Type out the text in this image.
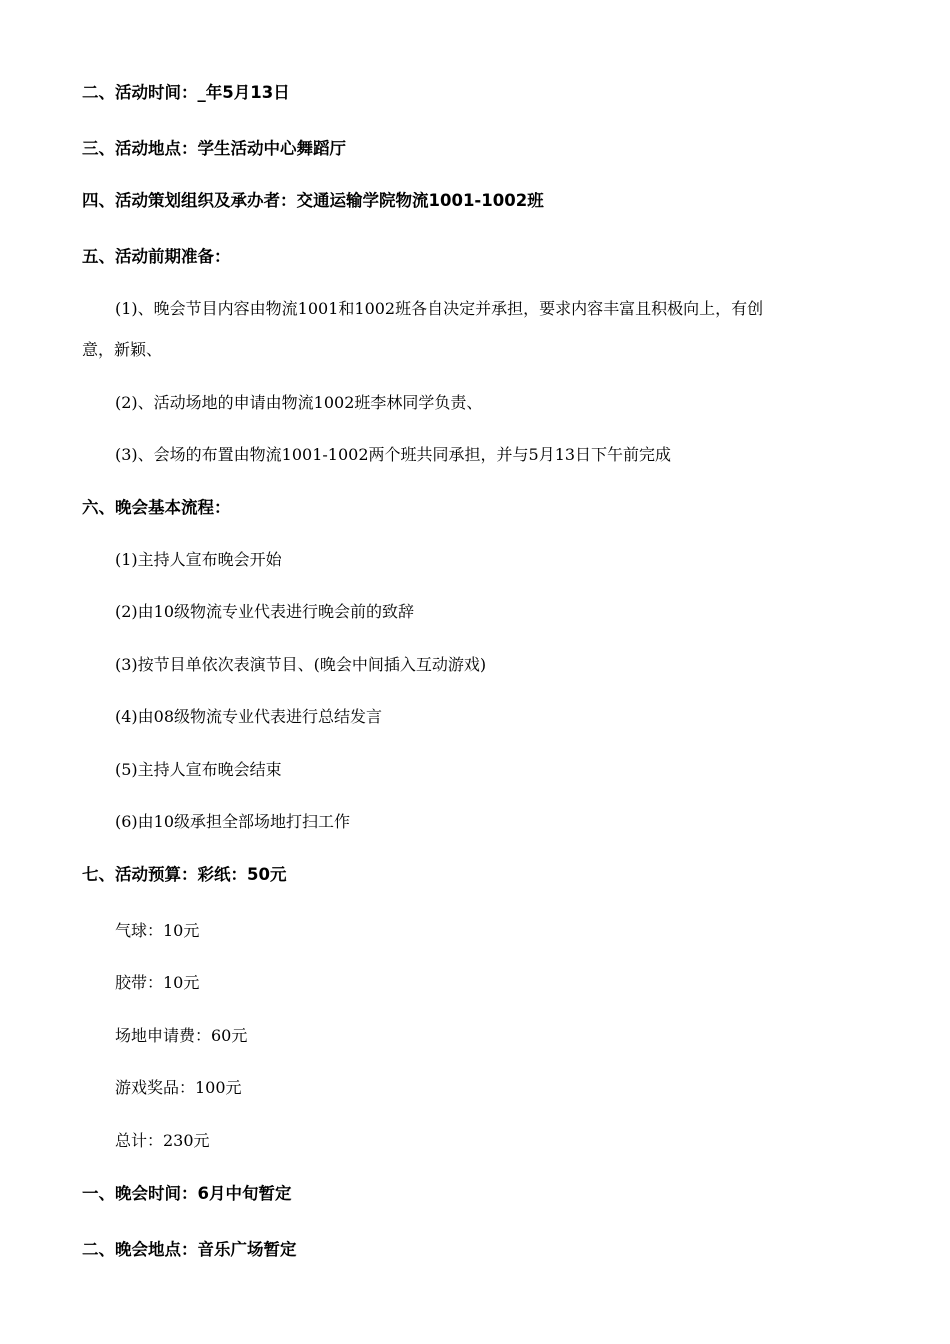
二、活动时间：_年5月13日
三、活动地点：学生活动中心舞蹈厅
四、活动策划组织及承办者：交通运输学院物流1001-1002班
五、活动前期准备：
(1)、晚会节目内容由物流1001和1002班各自决定并承担，要求内容丰富且积极向上，有创
意，新颖、
(2)、活动场地的申请由物流1002班李林同学负责、
(3)、会场的布置由物流1001-1002两个班共同承担，并与5月13日下午前完成
六、晚会基本流程：
(1)主持人宣布晚会开始
(2)由10级物流专业代表进行晚会前的致辞
(3)按节目单依次表演节目、(晚会中间插入互动游戏)
(4)由08级物流专业代表进行总结发言
(5)主持人宣布晚会结束
(6)由10级承担全部场地打扫工作
七、活动预算：彩纸：50元
气球：10元
胶带：10元
场地申请费：60元
游戏奖品：100元
总计：230元
一、晚会时间：6月中旬暂定
二、晚会地点：音乐广场暂定
